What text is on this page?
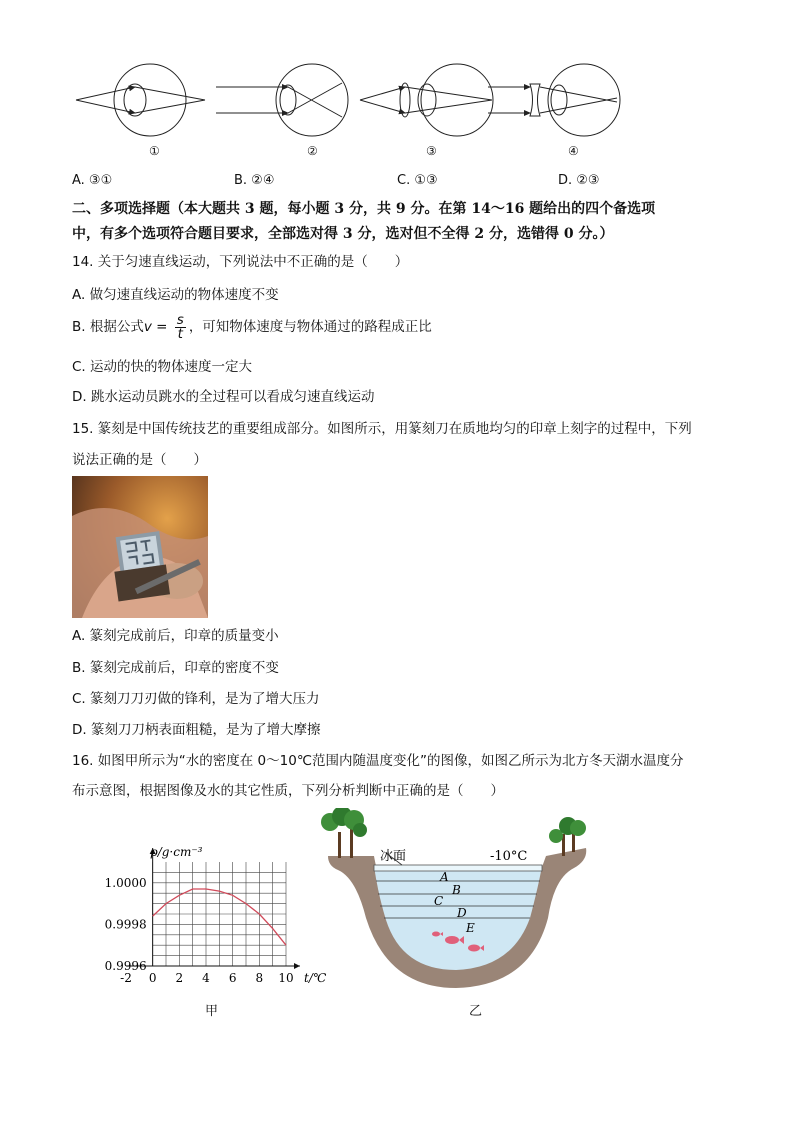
①	②	③	④
A. ③①	B. ②④	C. ①③	D. ②③
二、多项选择题（本大题共 3 题，每小题 3 分，共 9 分。在第 14～16 题给出的四个备选项
中，有多个选项符合题目要求，全部选对得 3 分，选对但不全得 2 分，选错得 0 分。）
14. 关于匀速直线运动，下列说法中不正确的是（　　）
A. 做匀速直线运动的物体速度不变
B. 根据公式$v = \frac{s}{t}$ ，可知物体速度与物体通过的路程成正比
C. 运动的快的物体速度一定大
D. 跳水运动员跳水的全过程可以看成匀速直线运动
15. 篆刻是中国传统技艺的重要组成部分。如图所示，用篆刻刀在质地均匀的印章上刻字的过程中，下列
说法正确的是（　　）
A. 篆刻完成前后，印章的质量变小
B. 篆刻完成前后，印章的密度不变
C. 篆刻刀刀刃做的锋利，是为了增大压力
D. 篆刻刀刀柄表面粗糙，是为了增大摩擦
16. 如图甲所示为“水的密度在 0～10℃范围内随温度变化”的图像，如图乙所示为北方冬天湖水温度分
布示意图，根据图像及水的其它性质，下列分析判断中正确的是（　　）
-2 0 2 4 6 8 10
1.0000
0.9998
0.9996
ρ/g·cm⁻³
t/℃
甲
冰面	-10°C
A
B
C
D
E
乙
